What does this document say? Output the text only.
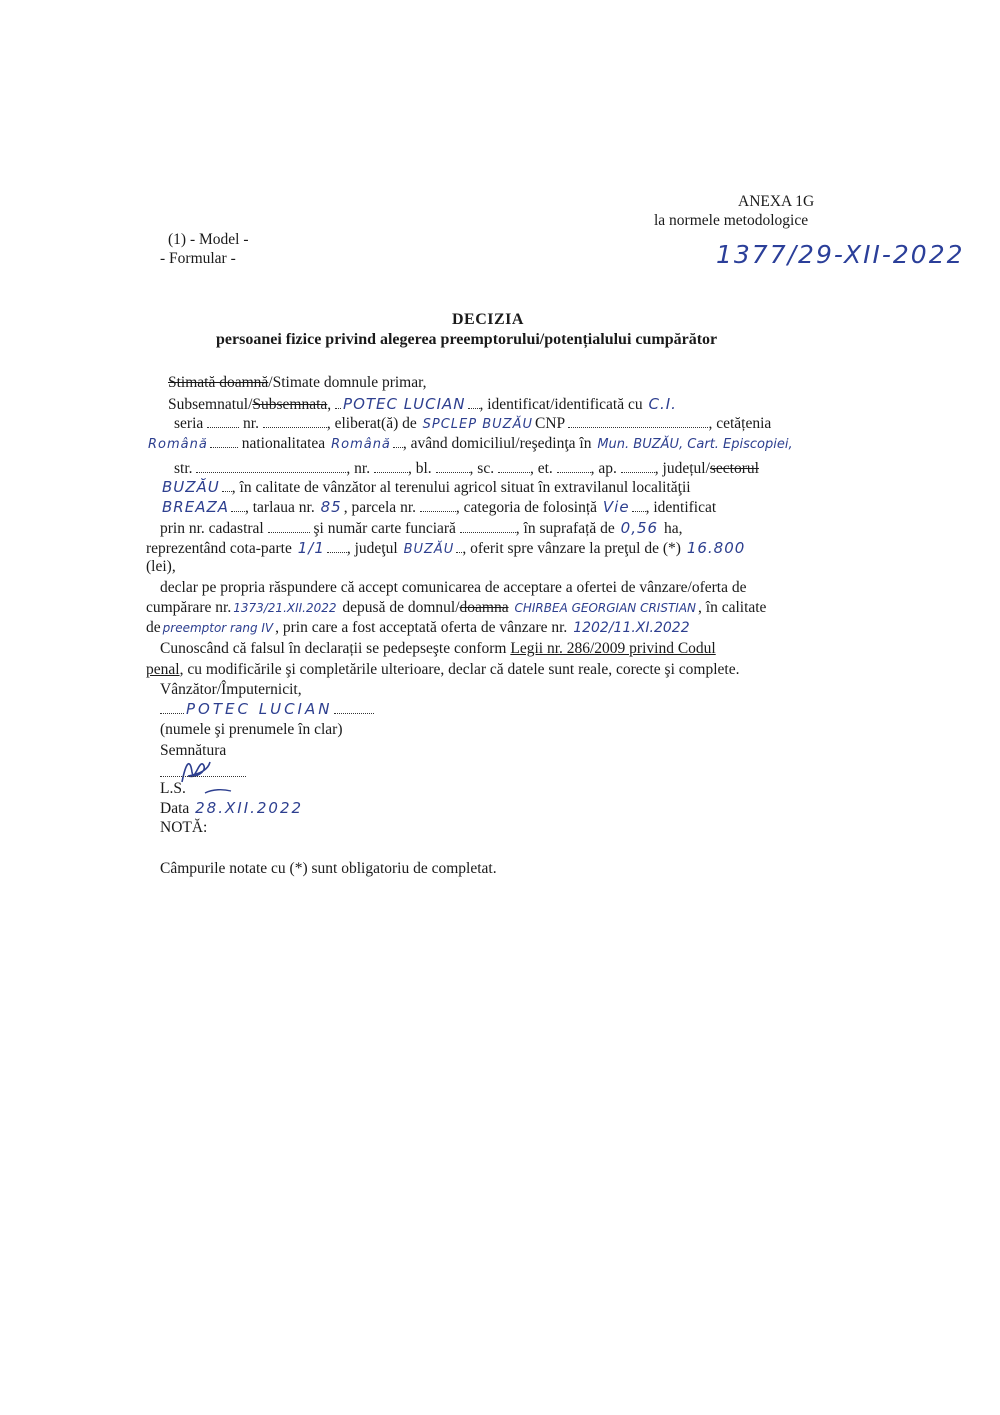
ANEXA 1G
la normele metodologice
1377/29-XII-2022
(1) - Model -
- Formular -
DECIZIA
persoanei fizice privind alegerea preemptorului/potențialului cumpărător
Stimată doamnă/Stimate domnule primar,
Subsemnatul/Subsemnata, POTEC LUCIAN , identificat/identificată cu C.I.
seria	nr.	, eliberat(ă) de SPCLEP BUZĂU CNP	, cetățenia
Română nationalitatea Română , având domiciliul/reşedinţa în Mun. BUZĂU, Cart. Episcopiei,
str.	, nr. , bl. , sc. , et. , ap. , județul/sectorul
BUZĂU , în calitate de vânzător al terenului agricol situat în extravilanul localităţii
BREAZA , tarlaua nr. 85 , parcela nr.	, categoria de folosință Vie , identificat
prin nr. cadastral	şi număr carte funciară	, în suprafață de 0,56 ha,
reprezentând cota-parte 1/1 , judeţul BUZĂU , oferit spre vânzare la preţul de (*) 16.800
(lei),
declar pe propria răspundere că accept comunicarea de acceptare a ofertei de vânzare/oferta de
cumpărare nr. 1373/21.XII.2022 depusă de domnul/doamna CHIRBEA GEORGIAN CRISTIAN , în calitate
de preemptor rang IV , prin care a fost acceptată oferta de vânzare nr. 1202/11.XI.2022
Cunoscând că falsul în declarații se pedepseşte conform Legii nr. 286/2009 privind Codul
penal, cu modificările şi completările ulterioare, declar că datele sunt reale, corecte şi complete.
Vânzător/Împuternicit,
POTEC LUCIAN
(numele şi prenumele în clar)
Semnătura
L.S.
Data 28.XII.2022
NOTĂ:
Câmpurile notate cu (*) sunt obligatoriu de completat.
